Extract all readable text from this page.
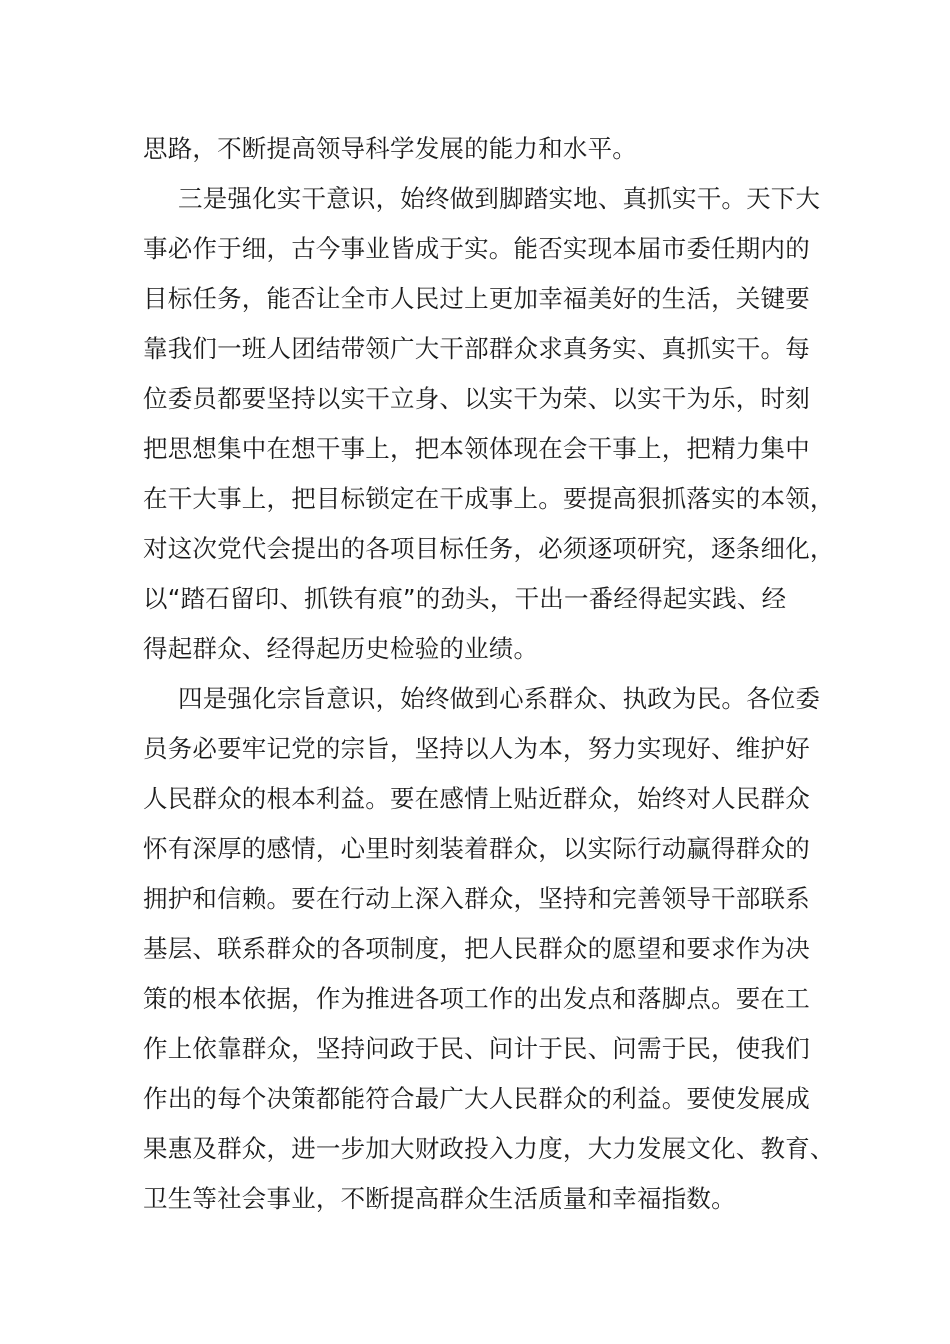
思路，不断提高领导科学发展的能力和水平。
三是强化实干意识，始终做到脚踏实地、真抓实干。天下大
事必作于细，古今事业皆成于实。能否实现本届市委任期内的
目标任务，能否让全市人民过上更加幸福美好的生活，关键要
靠我们一班人团结带领广大干部群众求真务实、真抓实干。每
位委员都要坚持以实干立身、以实干为荣、以实干为乐，时刻
把思想集中在想干事上，把本领体现在会干事上，把精力集中
在干大事上，把目标锁定在干成事上。要提高狠抓落实的本领，
对这次党代会提出的各项目标任务，必须逐项研究，逐条细化，
以“踏石留印、抓铁有痕”的劲头，干出一番经得起实践、经
得起群众、经得起历史检验的业绩。
四是强化宗旨意识，始终做到心系群众、执政为民。各位委
员务必要牢记党的宗旨，坚持以人为本，努力实现好、维护好
人民群众的根本利益。要在感情上贴近群众，始终对人民群众
怀有深厚的感情，心里时刻装着群众，以实际行动赢得群众的
拥护和信赖。要在行动上深入群众，坚持和完善领导干部联系
基层、联系群众的各项制度，把人民群众的愿望和要求作为决
策的根本依据，作为推进各项工作的出发点和落脚点。要在工
作上依靠群众，坚持问政于民、问计于民、问需于民，使我们
作出的每个决策都能符合最广大人民群众的利益。要使发展成
果惠及群众，进一步加大财政投入力度，大力发展文化、教育、
卫生等社会事业，不断提高群众生活质量和幸福指数。
